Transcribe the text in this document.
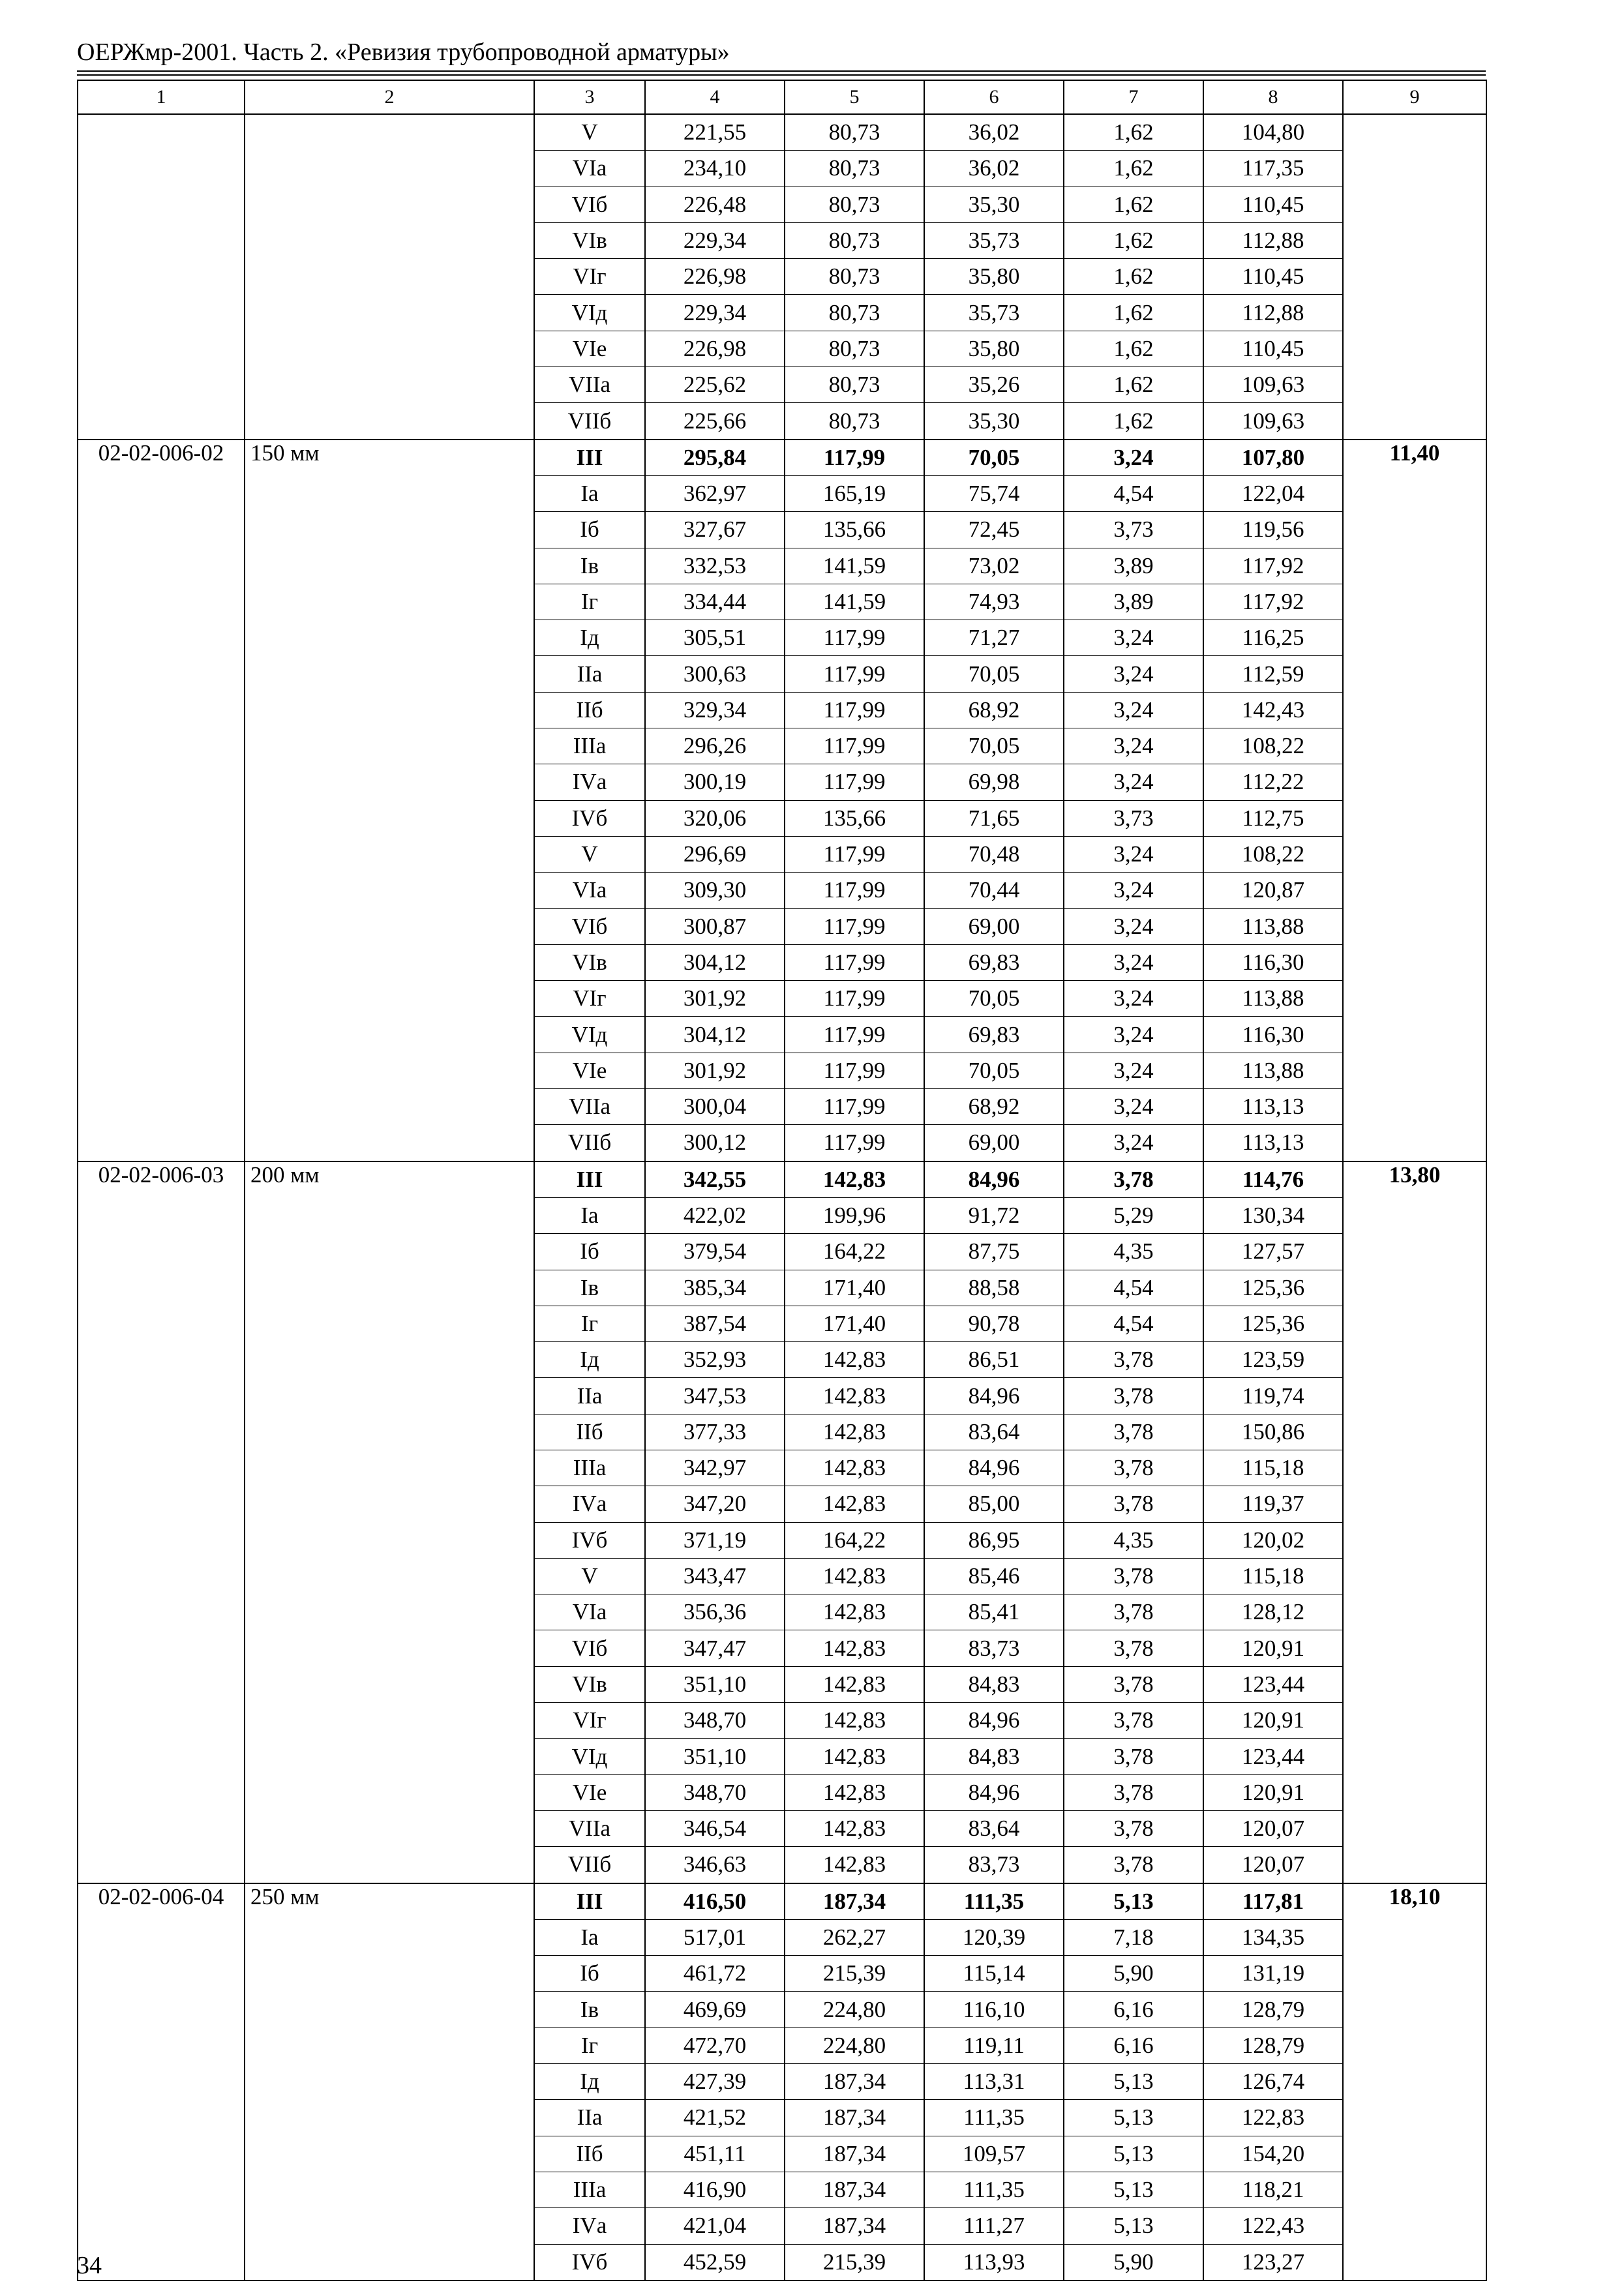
ОЕРЖмр-2001. Часть 2. «Ревизия трубопроводной арматуры»
1	2	3	4	5	6	7	8	9
		V	221,55	80,73	36,02	1,62	104,80	
		VIа	234,10	80,73	36,02	1,62	117,35	
		VIб	226,48	80,73	35,30	1,62	110,45	
		VIв	229,34	80,73	35,73	1,62	112,88	
		VIг	226,98	80,73	35,80	1,62	110,45	
		VIд	229,34	80,73	35,73	1,62	112,88	
		VIе	226,98	80,73	35,80	1,62	110,45	
		VIIа	225,62	80,73	35,26	1,62	109,63	
		VIIб	225,66	80,73	35,30	1,62	109,63	
02-02-006-02	150 мм	III	295,84	117,99	70,05	3,24	107,80	11,40
		Iа	362,97	165,19	75,74	4,54	122,04	
		Iб	327,67	135,66	72,45	3,73	119,56	
		Iв	332,53	141,59	73,02	3,89	117,92	
		Iг	334,44	141,59	74,93	3,89	117,92	
		Iд	305,51	117,99	71,27	3,24	116,25	
		IIа	300,63	117,99	70,05	3,24	112,59	
		IIб	329,34	117,99	68,92	3,24	142,43	
		IIIа	296,26	117,99	70,05	3,24	108,22	
		IVа	300,19	117,99	69,98	3,24	112,22	
		IVб	320,06	135,66	71,65	3,73	112,75	
		V	296,69	117,99	70,48	3,24	108,22	
		VIа	309,30	117,99	70,44	3,24	120,87	
		VIб	300,87	117,99	69,00	3,24	113,88	
		VIв	304,12	117,99	69,83	3,24	116,30	
		VIг	301,92	117,99	70,05	3,24	113,88	
		VIд	304,12	117,99	69,83	3,24	116,30	
		VIе	301,92	117,99	70,05	3,24	113,88	
		VIIа	300,04	117,99	68,92	3,24	113,13	
		VIIб	300,12	117,99	69,00	3,24	113,13	
02-02-006-03	200 мм	III	342,55	142,83	84,96	3,78	114,76	13,80
		Iа	422,02	199,96	91,72	5,29	130,34	
		Iб	379,54	164,22	87,75	4,35	127,57	
		Iв	385,34	171,40	88,58	4,54	125,36	
		Iг	387,54	171,40	90,78	4,54	125,36	
		Iд	352,93	142,83	86,51	3,78	123,59	
		IIа	347,53	142,83	84,96	3,78	119,74	
		IIб	377,33	142,83	83,64	3,78	150,86	
		IIIа	342,97	142,83	84,96	3,78	115,18	
		IVа	347,20	142,83	85,00	3,78	119,37	
		IVб	371,19	164,22	86,95	4,35	120,02	
		V	343,47	142,83	85,46	3,78	115,18	
		VIа	356,36	142,83	85,41	3,78	128,12	
		VIб	347,47	142,83	83,73	3,78	120,91	
		VIв	351,10	142,83	84,83	3,78	123,44	
		VIг	348,70	142,83	84,96	3,78	120,91	
		VIд	351,10	142,83	84,83	3,78	123,44	
		VIе	348,70	142,83	84,96	3,78	120,91	
		VIIа	346,54	142,83	83,64	3,78	120,07	
		VIIб	346,63	142,83	83,73	3,78	120,07	
02-02-006-04	250 мм	III	416,50	187,34	111,35	5,13	117,81	18,10
		Iа	517,01	262,27	120,39	7,18	134,35	
		Iб	461,72	215,39	115,14	5,90	131,19	
		Iв	469,69	224,80	116,10	6,16	128,79	
		Iг	472,70	224,80	119,11	6,16	128,79	
		Iд	427,39	187,34	113,31	5,13	126,74	
		IIа	421,52	187,34	111,35	5,13	122,83	
		IIб	451,11	187,34	109,57	5,13	154,20	
		IIIа	416,90	187,34	111,35	5,13	118,21	
		IVа	421,04	187,34	111,27	5,13	122,43	
		IVб	452,59	215,39	113,93	5,90	123,27	
34
